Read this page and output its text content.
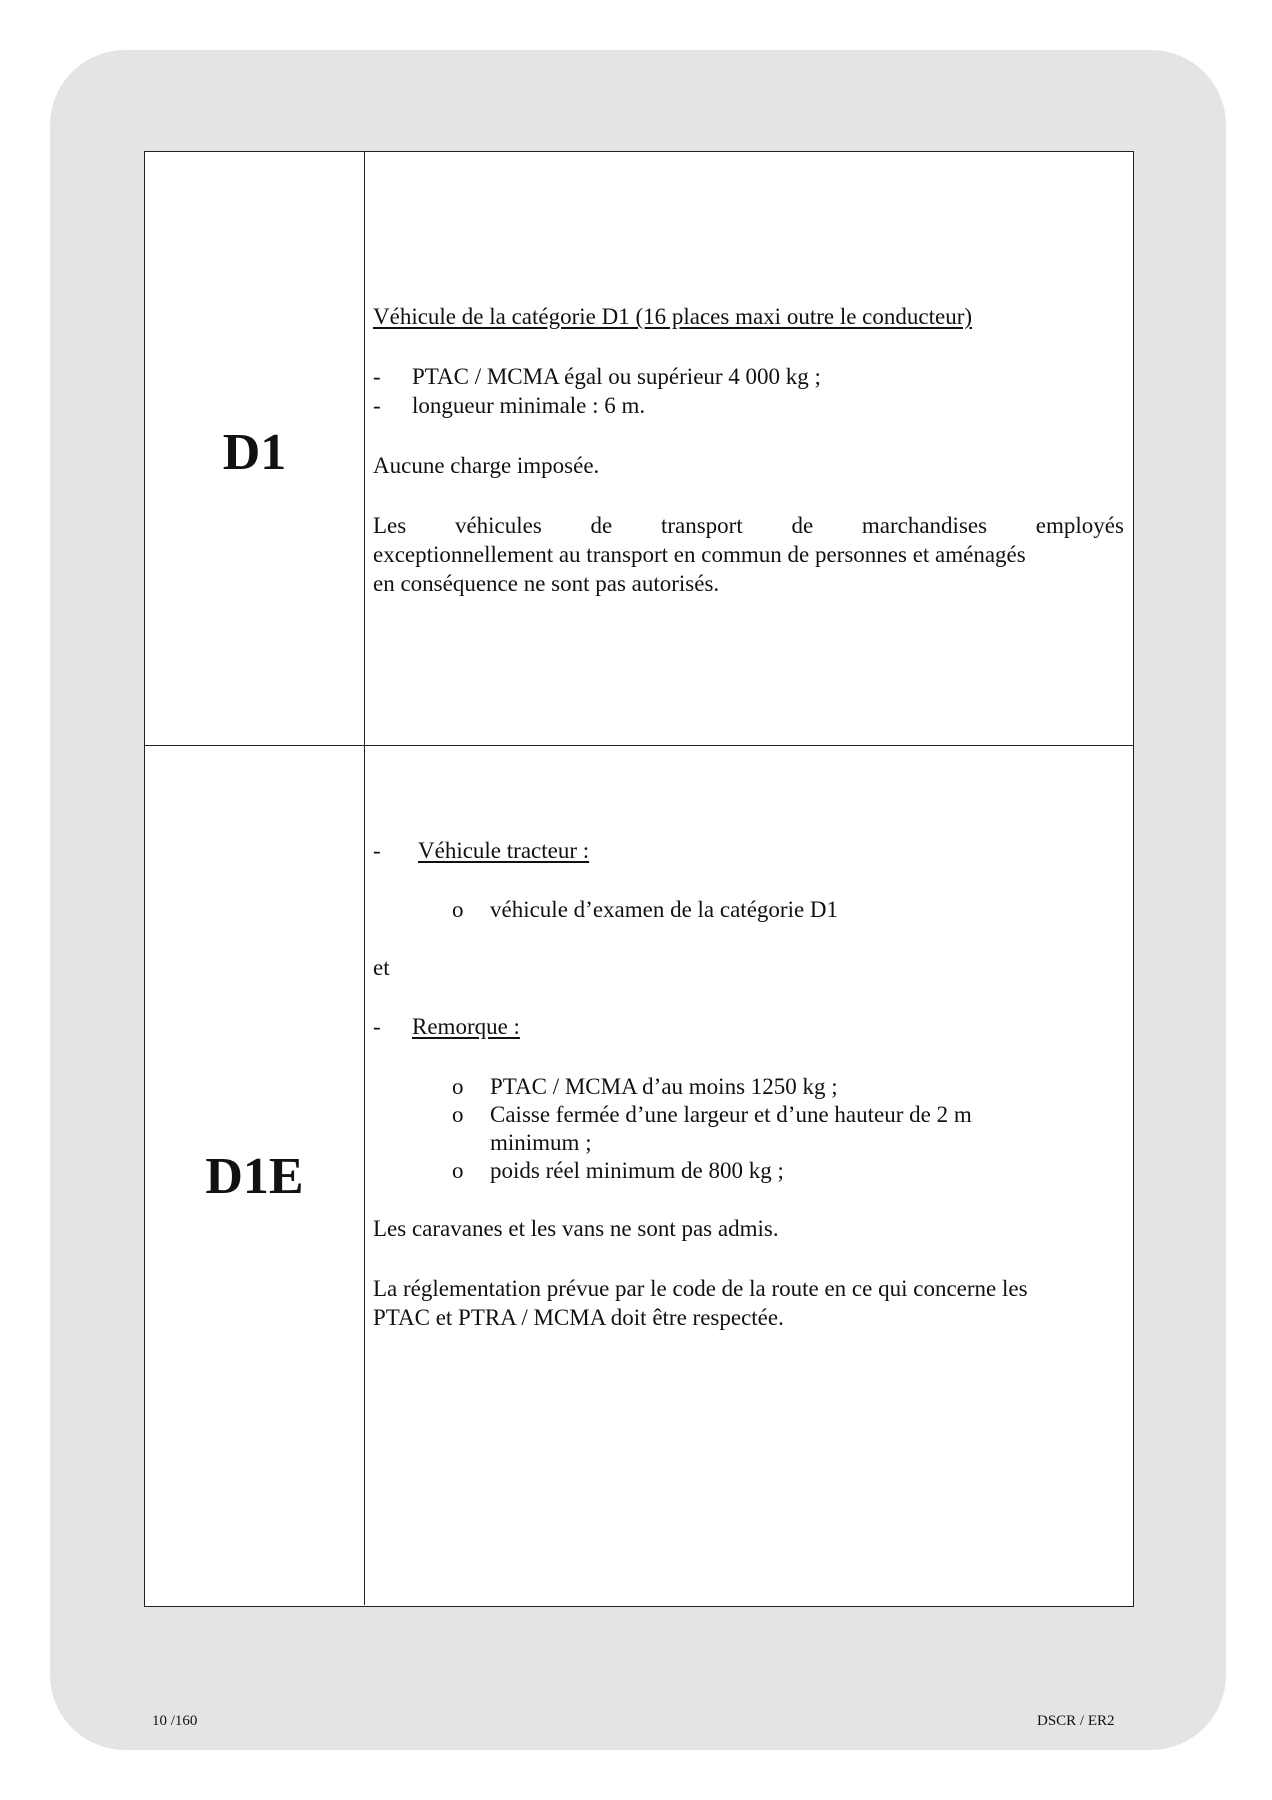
D1
Véhicule de la catégorie D1 (16 places maxi outre le conducteur)
- PTAC / MCMA égal ou supérieur 4 000 kg ;
- longueur minimale : 6 m.
Aucune charge imposée.
Les véhicules de transport de marchandises employés
exceptionnellement au transport en commun de personnes et aménagés
en conséquence ne sont pas autorisés.
D1E
- Véhicule tracteur :
o véhicule d’examen de la catégorie D1
et
- Remorque :
o PTAC / MCMA d’au moins 1250 kg ;
o Caisse fermée d’une largeur et d’une hauteur de 2 m
minimum ;
o poids réel minimum de 800 kg ;
Les caravanes et les vans ne sont pas admis.
La réglementation prévue par le code de la route en ce qui concerne les
PTAC et PTRA / MCMA doit être respectée.
10 /160	DSCR / ER2
